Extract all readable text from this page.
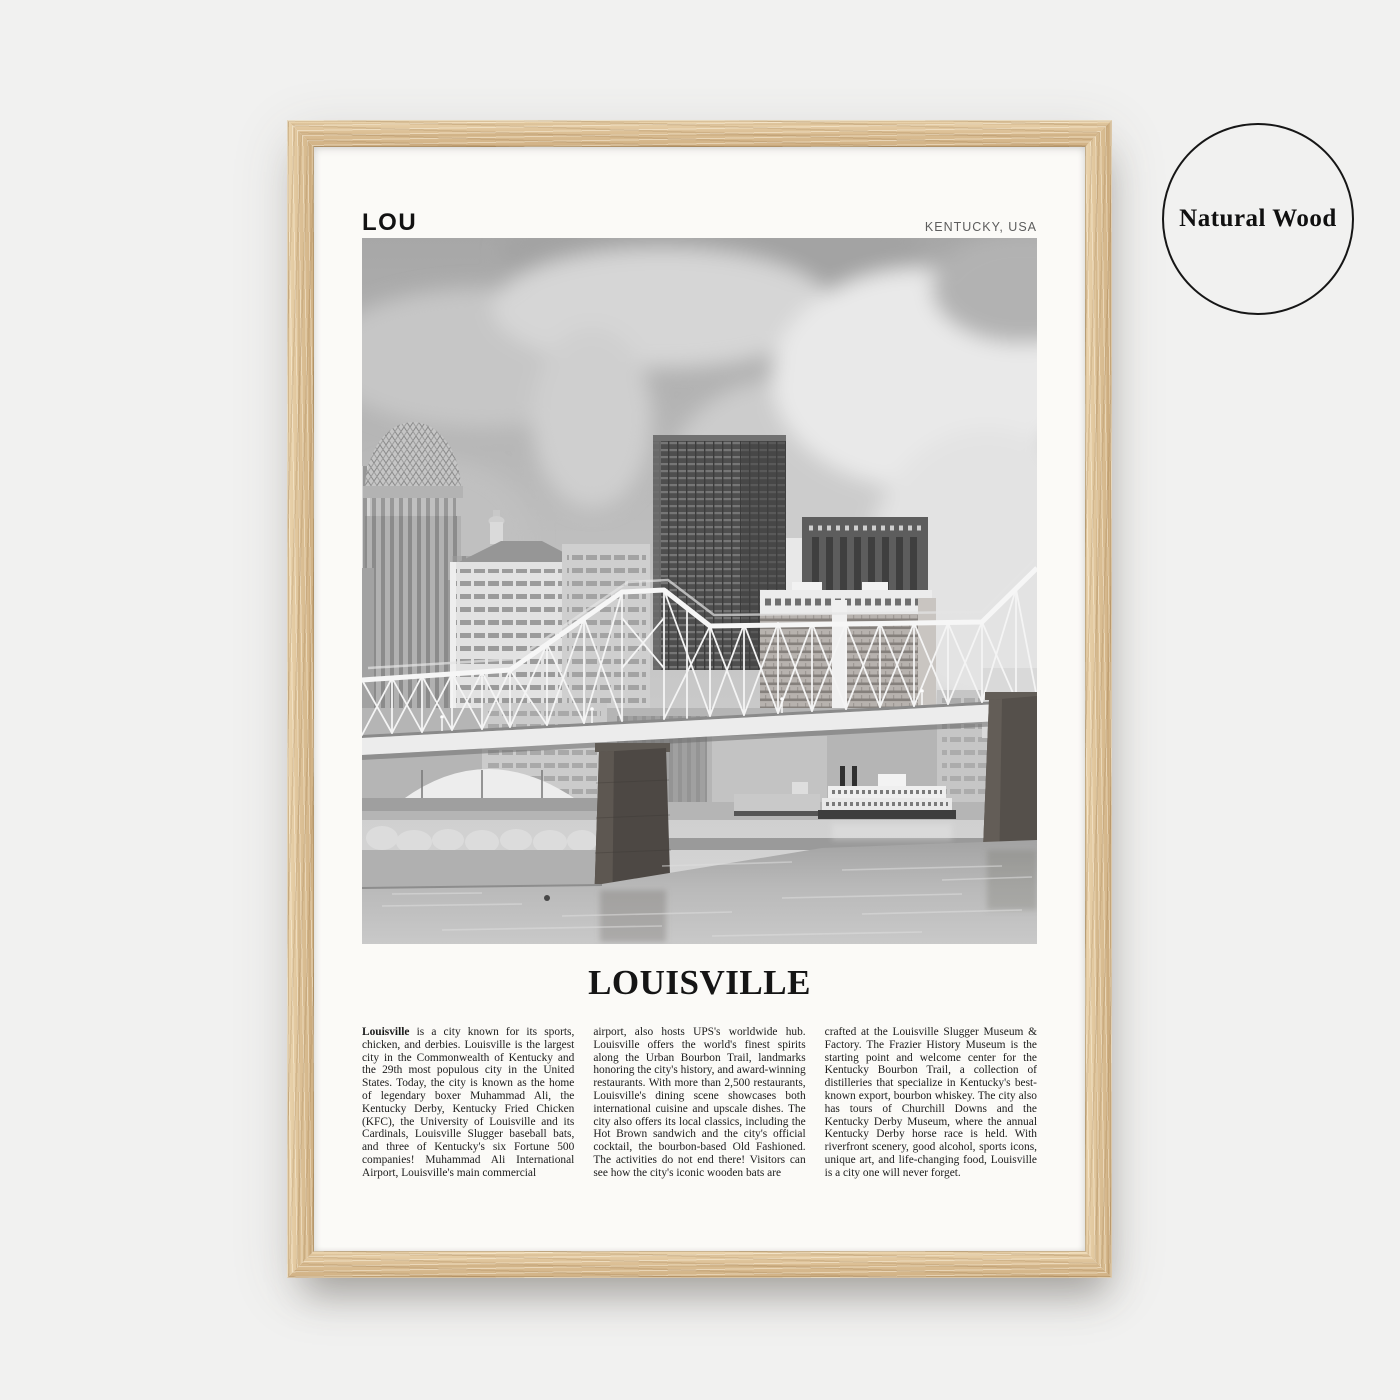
LOU	KENTUCKY, USA
LOUISVILLE

Louisville is a city known for its sports, chicken, and derbies. Louisville is the largest city in the Commonwealth of Kentucky and the 29th most populous city in the United States. Today, the city is known as the home of legendary boxer Muhammad Ali, the Kentucky Derby, Kentucky Fried Chicken (KFC), the University of Louisville and its Cardinals, Louisville Slugger baseball bats, and three of Kentucky's six Fortune 500 companies! Muhammad Ali International Airport, Louisville's main commercial

airport, also hosts UPS's worldwide hub. Louisville offers the world's finest spirits along the Urban Bourbon Trail, landmarks honoring the city's history, and award-winning restaurants. With more than 2,500 restaurants, Louisville's dining scene showcases both international cuisine and upscale dishes. The city also offers its local classics, including the Hot Brown sandwich and the city's official cocktail, the bourbon-based Old Fashioned. The activities do not end there! Visitors can see how the city's iconic wooden bats are

crafted at the Louisville Slugger Museum & Factory. The Frazier History Museum is the starting point and welcome center for the Kentucky Bourbon Trail, a collection of distilleries that specialize in Kentucky's best-known export, bourbon whiskey. The city also has tours of Churchill Downs and the Kentucky Derby Museum, where the annual Kentucky Derby horse race is held. With riverfront scenery, good alcohol, sports icons, unique art, and life-changing food, Louisville is a city one will never forget.

Natural Wood
